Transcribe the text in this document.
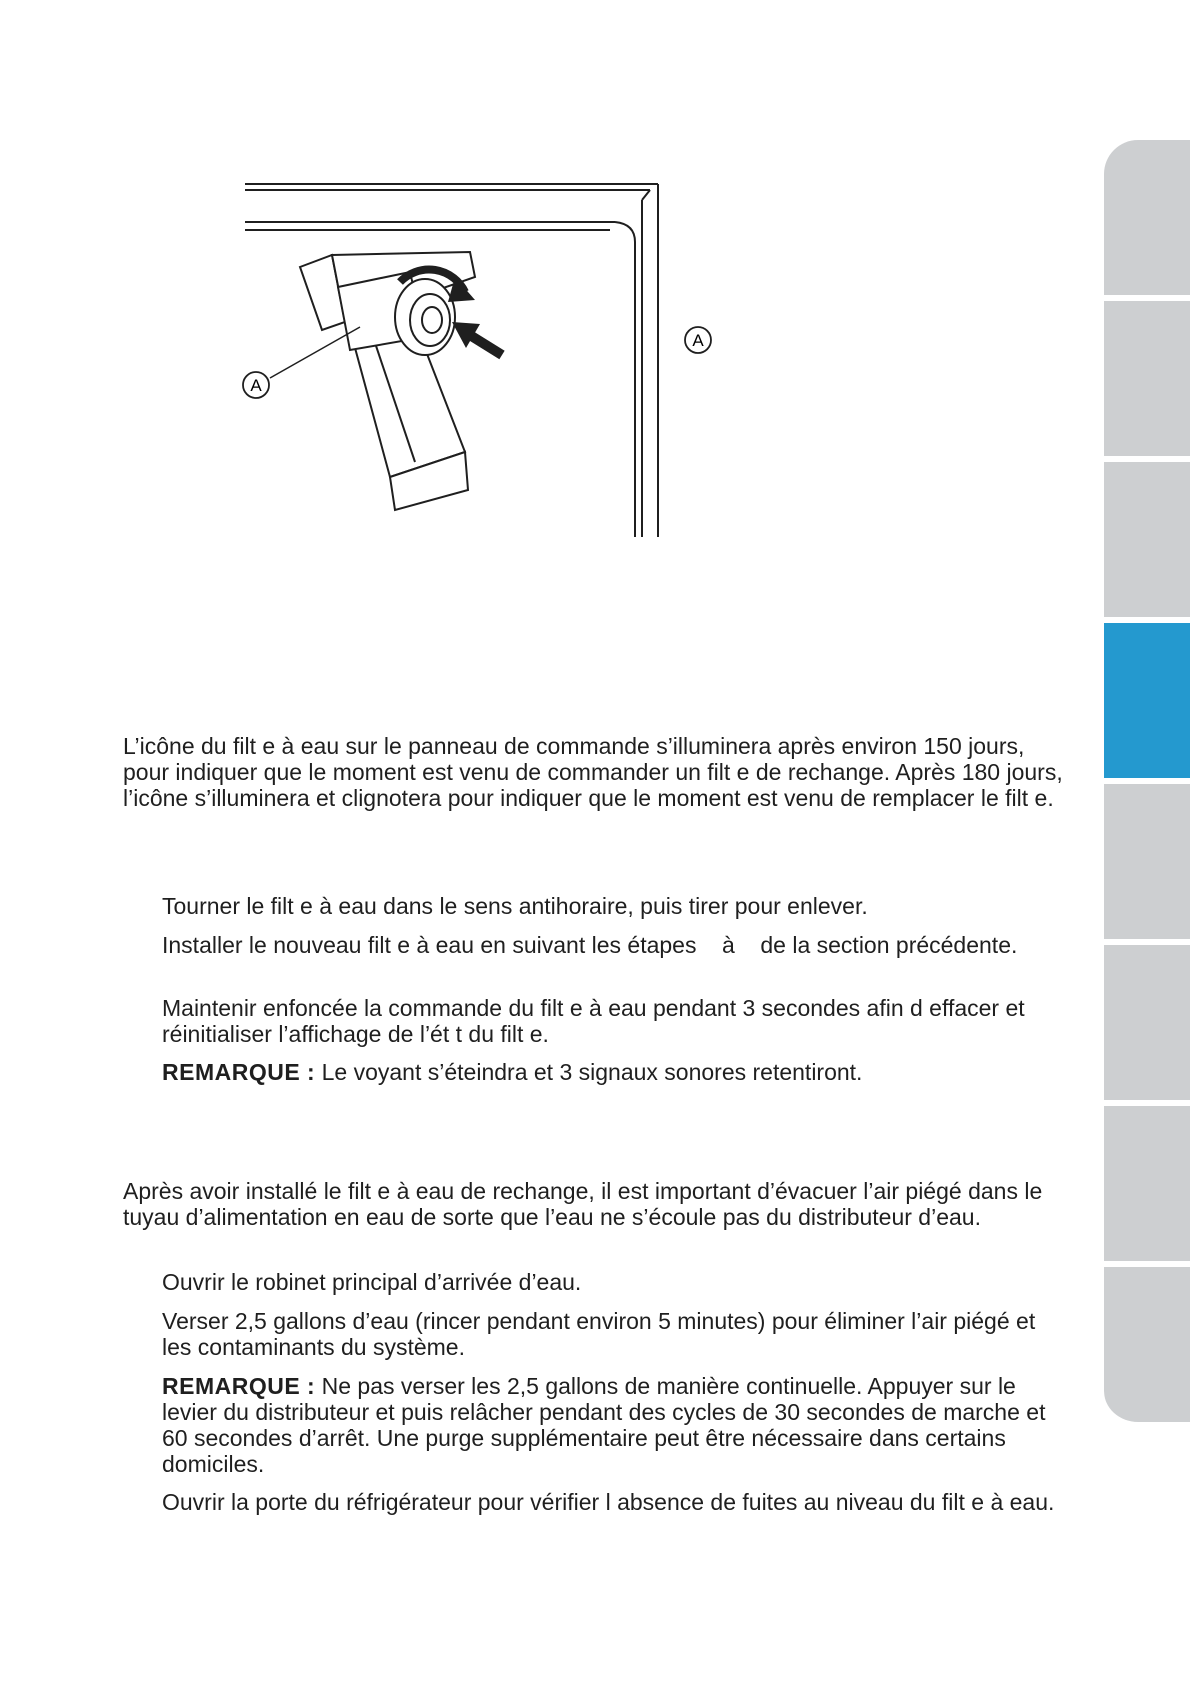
A
A

L’icône du filt e à eau sur le panneau de commande s’illuminera après environ 150 jours, pour indiquer que le moment est venu de commander un filt e de rechange. Après 180 jours, l’icône s’illuminera et clignotera pour indiquer que le moment est venu de remplacer le filt e.

Tourner le filt e à eau dans le sens antihoraire, puis tirer pour enlever.

Installer le nouveau filt e à eau en suivant les étapes    à    de la section précédente.

Maintenir enfoncée la commande du filt e à eau pendant 3 secondes afin d effacer et réinitialiser l’affichage de l’ét t du filt e.

REMARQUE : Le voyant s’éteindra et 3 signaux sonores retentiront.

Après avoir installé le filt e à eau de rechange, il est important d’évacuer l’air piégé dans le tuyau d’alimentation en eau de sorte que l’eau ne s’écoule pas du distributeur d’eau.

Ouvrir le robinet principal d’arrivée d’eau.

Verser 2,5 gallons d’eau (rincer pendant environ 5 minutes) pour éliminer l’air piégé et les contaminants du système.

REMARQUE : Ne pas verser les 2,5 gallons de manière continuelle. Appuyer sur le levier du distributeur et puis relâcher pendant des cycles de 30 secondes de marche et 60 secondes d’arrêt. Une purge supplémentaire peut être nécessaire dans certains domiciles.

Ouvrir la porte du réfrigérateur pour vérifier l absence de fuites au niveau du filt e à eau.
